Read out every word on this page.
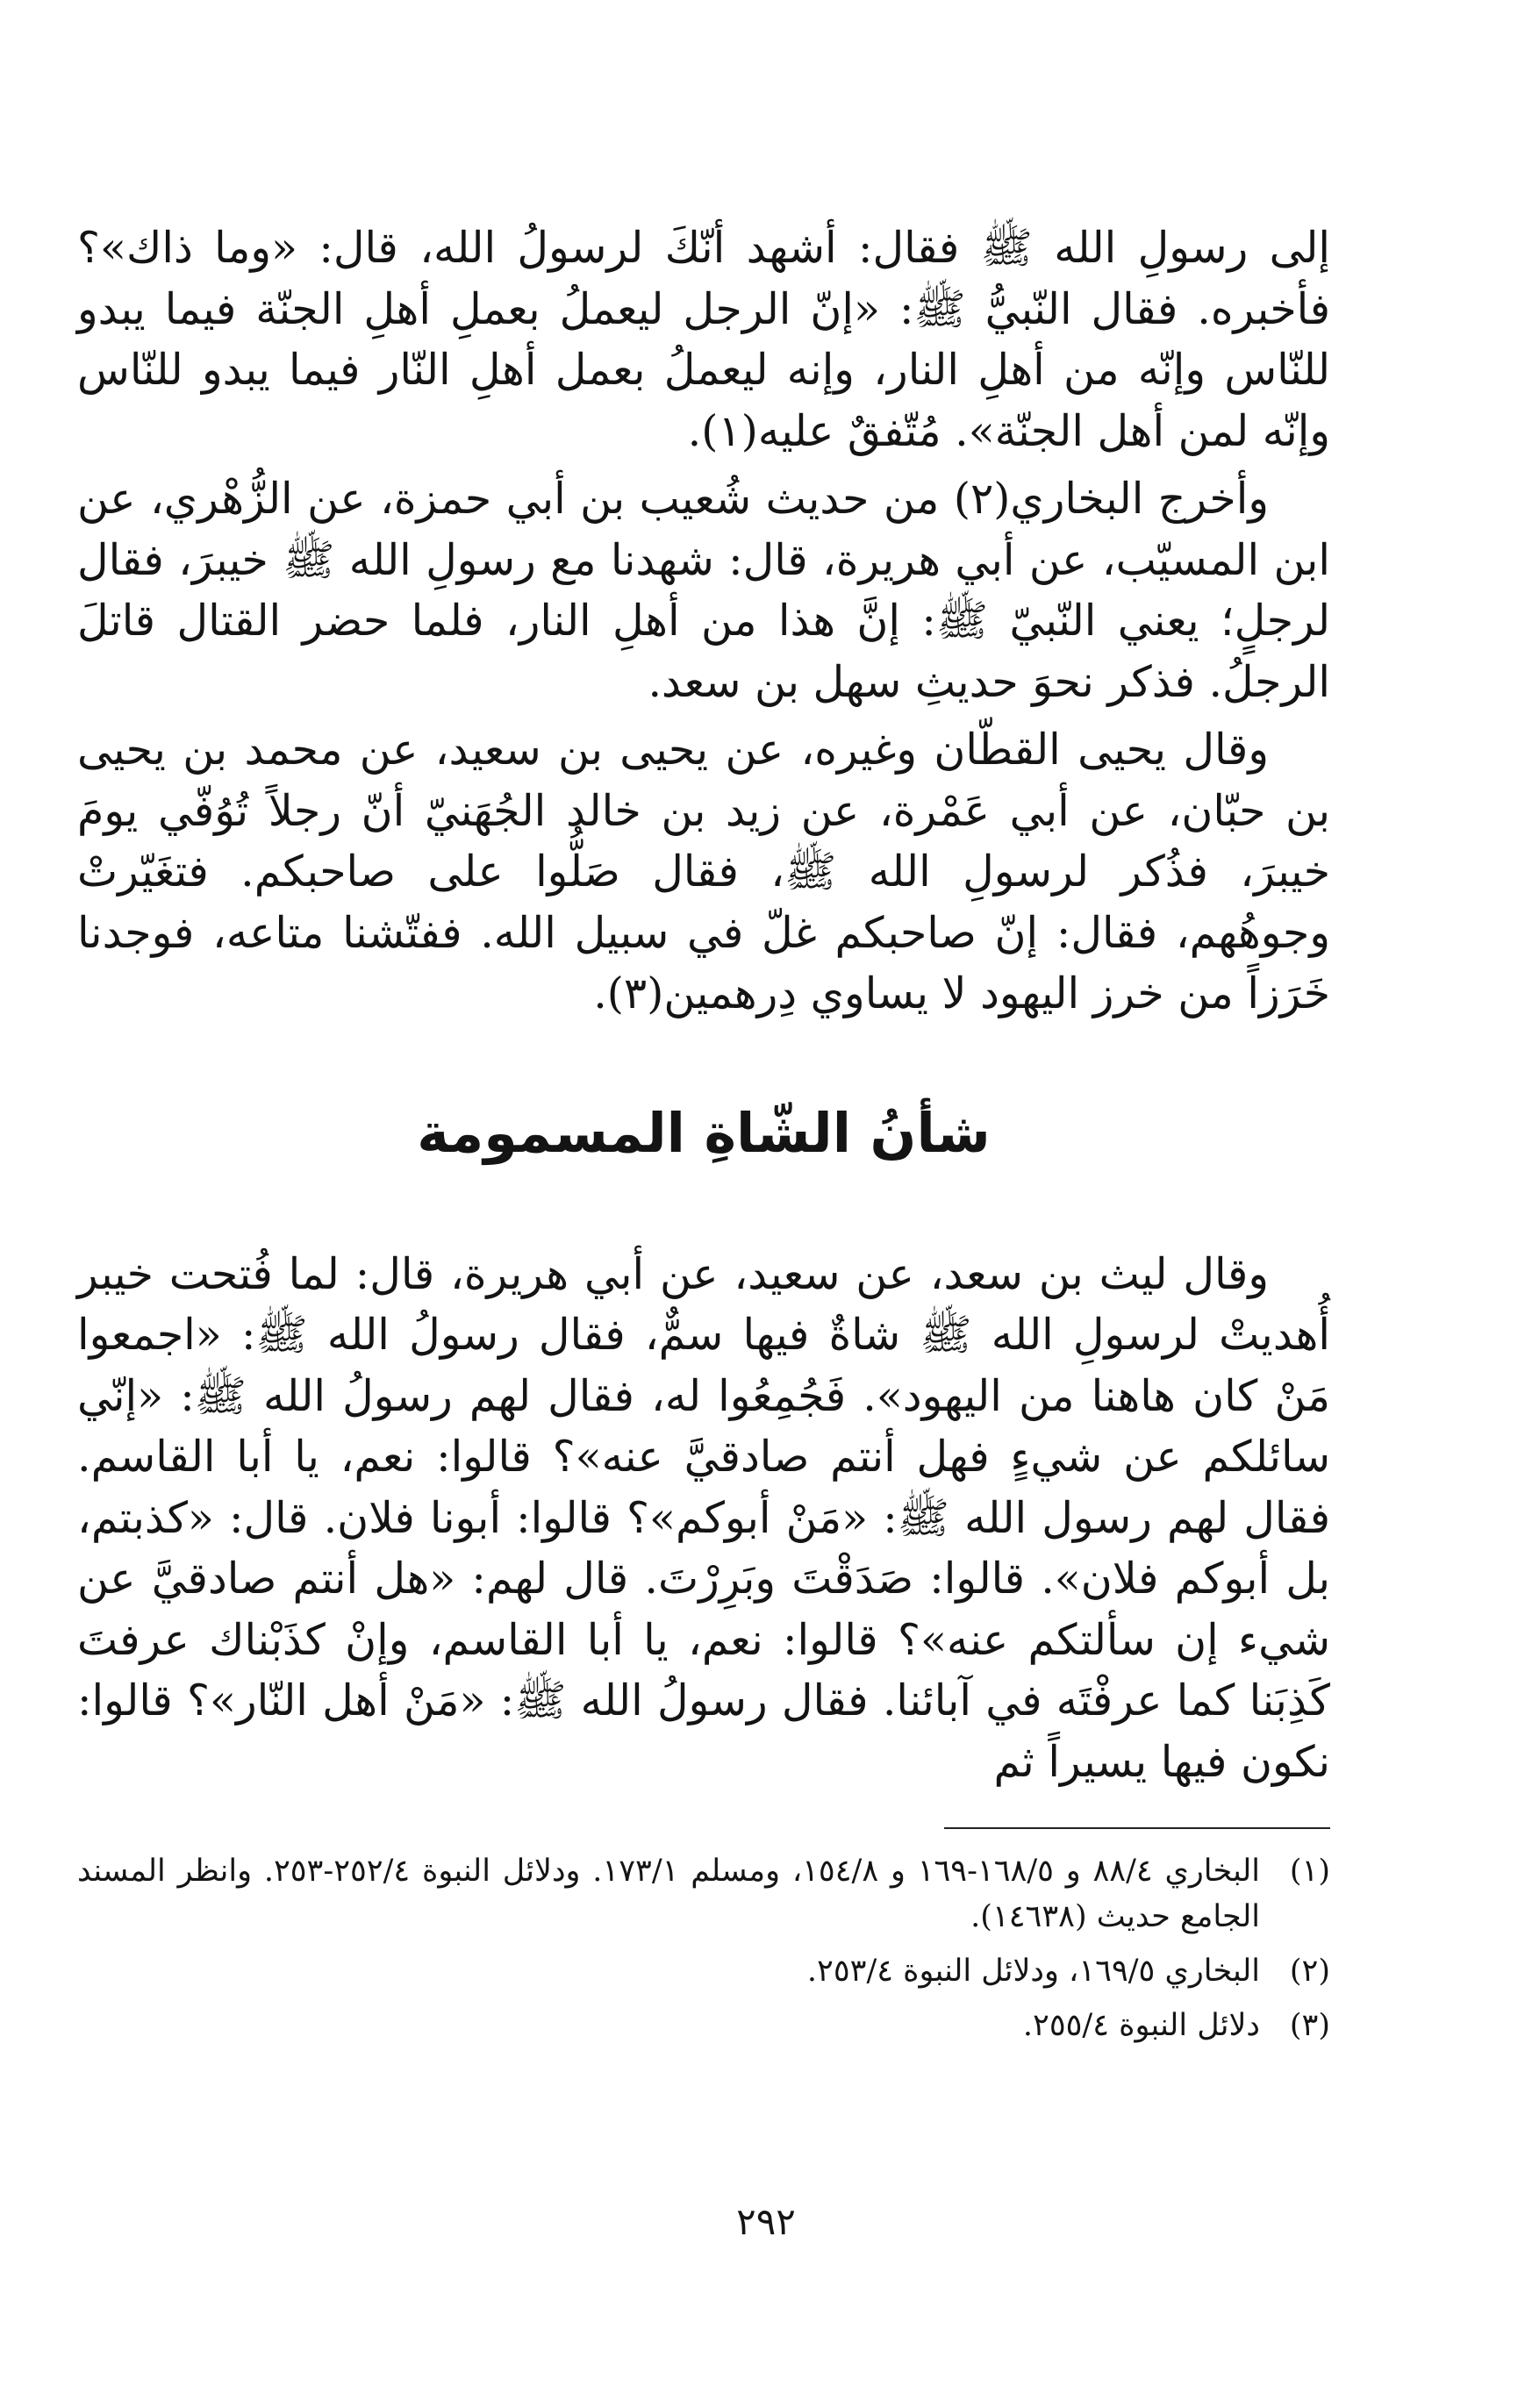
إلى رسولِ الله ﷺ فقال: أشهد أنّكَ لرسولُ الله، قال: «وما ذاك»؟ فأخبره. فقال النّبيُّ ﷺ: «إنّ الرجل ليعملُ بعملِ أهلِ الجنّة فيما يبدو للنّاس وإنّه من أهلِ النار، وإنه ليعملُ بعمل أهلِ النّار فيما يبدو للنّاس وإنّه لمن أهل الجنّة». مُتّفقٌ عليه(١).

وأخرج البخاري(٢) من حديث شُعيب بن أبي حمزة، عن الزُّهْري، عن ابن المسيّب، عن أبي هريرة، قال: شهدنا مع رسولِ الله ﷺ خيبرَ، فقال لرجلٍ؛ يعني النّبيّ ﷺ: إنَّ هذا من أهلِ النار، فلما حضر القتال قاتلَ الرجلُ. فذكر نحوَ حديثِ سهل بن سعد.

وقال يحيى القطّان وغيره، عن يحيى بن سعيد، عن محمد بن يحيى بن حبّان، عن أبي عَمْرة، عن زيد بن خالد الجُهَنيّ أنّ رجلاً تُوُفّي يومَ خيبرَ، فذُكر لرسولِ الله ﷺ، فقال صَلُّوا على صاحبكم. فتغَيّرتْ وجوهُهم، فقال: إنّ صاحبكم غلّ في سبيل الله. ففتّشنا متاعه، فوجدنا خَرَزاً من خرز اليهود لا يساوي دِرهمين(٣).

شأنُ الشّاةِ المسمومة

وقال ليث بن سعد، عن سعيد، عن أبي هريرة، قال: لما فُتحت خيبر أُهديتْ لرسولِ الله ﷺ شاةٌ فيها سمٌّ، فقال رسولُ الله ﷺ: «اجمعوا مَنْ كان هاهنا من اليهود». فَجُمِعُوا له، فقال لهم رسولُ الله ﷺ: «إنّي سائلكم عن شيءٍ فهل أنتم صادقيَّ عنه»؟ قالوا: نعم، يا أبا القاسم. فقال لهم رسول الله ﷺ: «مَنْ أبوكم»؟ قالوا: أبونا فلان. قال: «كذبتم، بل أبوكم فلان». قالوا: صَدَقْتَ وبَرِرْتَ. قال لهم: «هل أنتم صادقيَّ عن شيء إن سألتكم عنه»؟ قالوا: نعم، يا أبا القاسم، وإنْ كذَبْناك عرفتَ كَذِبَنا كما عرفْتَه في آبائنا. فقال رسولُ الله ﷺ: «مَنْ أهل النّار»؟ قالوا: نكون فيها يسيراً ثم

(١)
البخاري ٨٨/٤ و ١٦٨/٥-١٦٩ و ١٥٤/٨، ومسلم ١٧٣/١. ودلائل النبوة ٢٥٢/٤-٢٥٣. وانظر المسند الجامع حديث (١٤٦٣٨).
(٢)
البخاري ١٦٩/٥، ودلائل النبوة ٢٥٣/٤.
(٣)
دلائل النبوة ٢٥٥/٤.
٢٩٢
